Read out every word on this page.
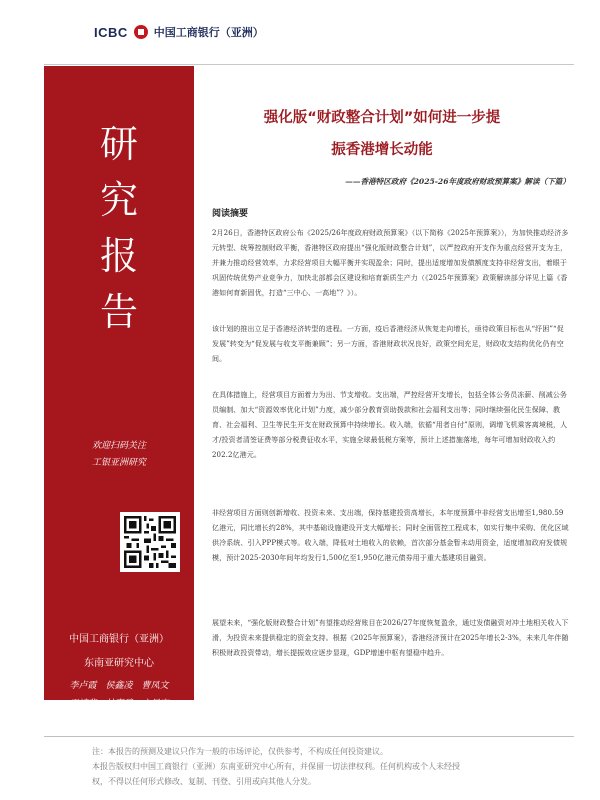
ICBC 中国工商银行（亚洲）
研
究
报
告
欢迎扫码关注
工银亚洲研究
中国工商银行（亚洲）
东南亚研究中心
李卢霞　侯鑫凌　曹凤文
王靖斐　林嘉碧　文晨宇
强化版“财政整合计划”如何进一步提
振香港增长动能
——香港特区政府《2025-26年度政府财政预算案》解读（下篇）
阅读摘要

2月26日，香港特区政府公布《2025/26年度政府财政预算案》（以下简称《2025年预算案》），为加快推动经济多元转型、统筹控制财政平衡，香港特区政府提出“强化版财政整合计划”，以严控政府开支作为重点经营开支为主，并兼力推动经营效率，力求经营项目大幅平衡并实现盈余；同时，提出适度增加发债额度支持非经营支出，着眼于巩固传统优势产业竞争力，加快北部都会区建设和培育新质生产力（《2025年预算案》政策解读部分详见上篇《香港如何育新固优，打造“三中心、一高地”？》）。

该计划的推出立足于香港经济转型的进程。一方面，疫后香港经济从恢复走向增长，亟待政策目标也从“纾困”“促发展”转变为“促发展与收支平衡兼顾”；另一方面，香港财政状况良好，政策空间充足，财政收支结构优化仍有空间。

在具体措施上，经营项目方面着力为出、节支增收。支出端，严控经营开支增长，包括全体公务员冻薪、削减公务员编制、加大“资源效率优化计划”力度，减少部分教育资助拨款和社会福利支出等；同时继续强化民生保障、教育、社会福利、卫生等民生开支在财政预算中持续增长。收入端，依循“用者自付”原则，调增飞机乘客离境税，人才/投资者清签证费等部分税费征收水平，实施全球最低税方案等，预计上述措施落地，每年可增加财政收入约202.2亿港元。

非经营项目方面则创新增收、投资未来、支出端，保持基建投资高增长，本年度预算中非经营支出增至1,980.59亿港元，同比增长约28%，其中基础设施建设开支大幅增长；同时全面管控工程成本，如实行集中采购、优化区域供冷系统、引入PPP模式等。收入端，降低对土地收入的依赖，首次部分基金暂未动用资金，适度增加政府发债规模，预计2025-2030年间年均发行1,500亿至1,950亿港元债券用于重大基建项目融资。

展望未来，“强化版财政整合计划”有望推动经营账目在2026/27年度恢复盈余，通过发债融资对冲土地相关收入下滑，为投资未来提供稳定的资金支持。根据《2025年预算案》，香港经济预计在2025年增长2-3%，未来几年伴随积极财政投资带动，增长提振效应逐步显现，GDP增速中枢有望稳中趋升。

注：本报告的预测及建议只作为一般的市场评论，仅供参考，不构成任何投资建议。
本报告版权归中国工商银行（亚洲）东南亚研究中心所有，并保留一切法律权利。任何机构或个人未经授
权，不得以任何形式修改、复制、刊登、引用或向其他人分发。
